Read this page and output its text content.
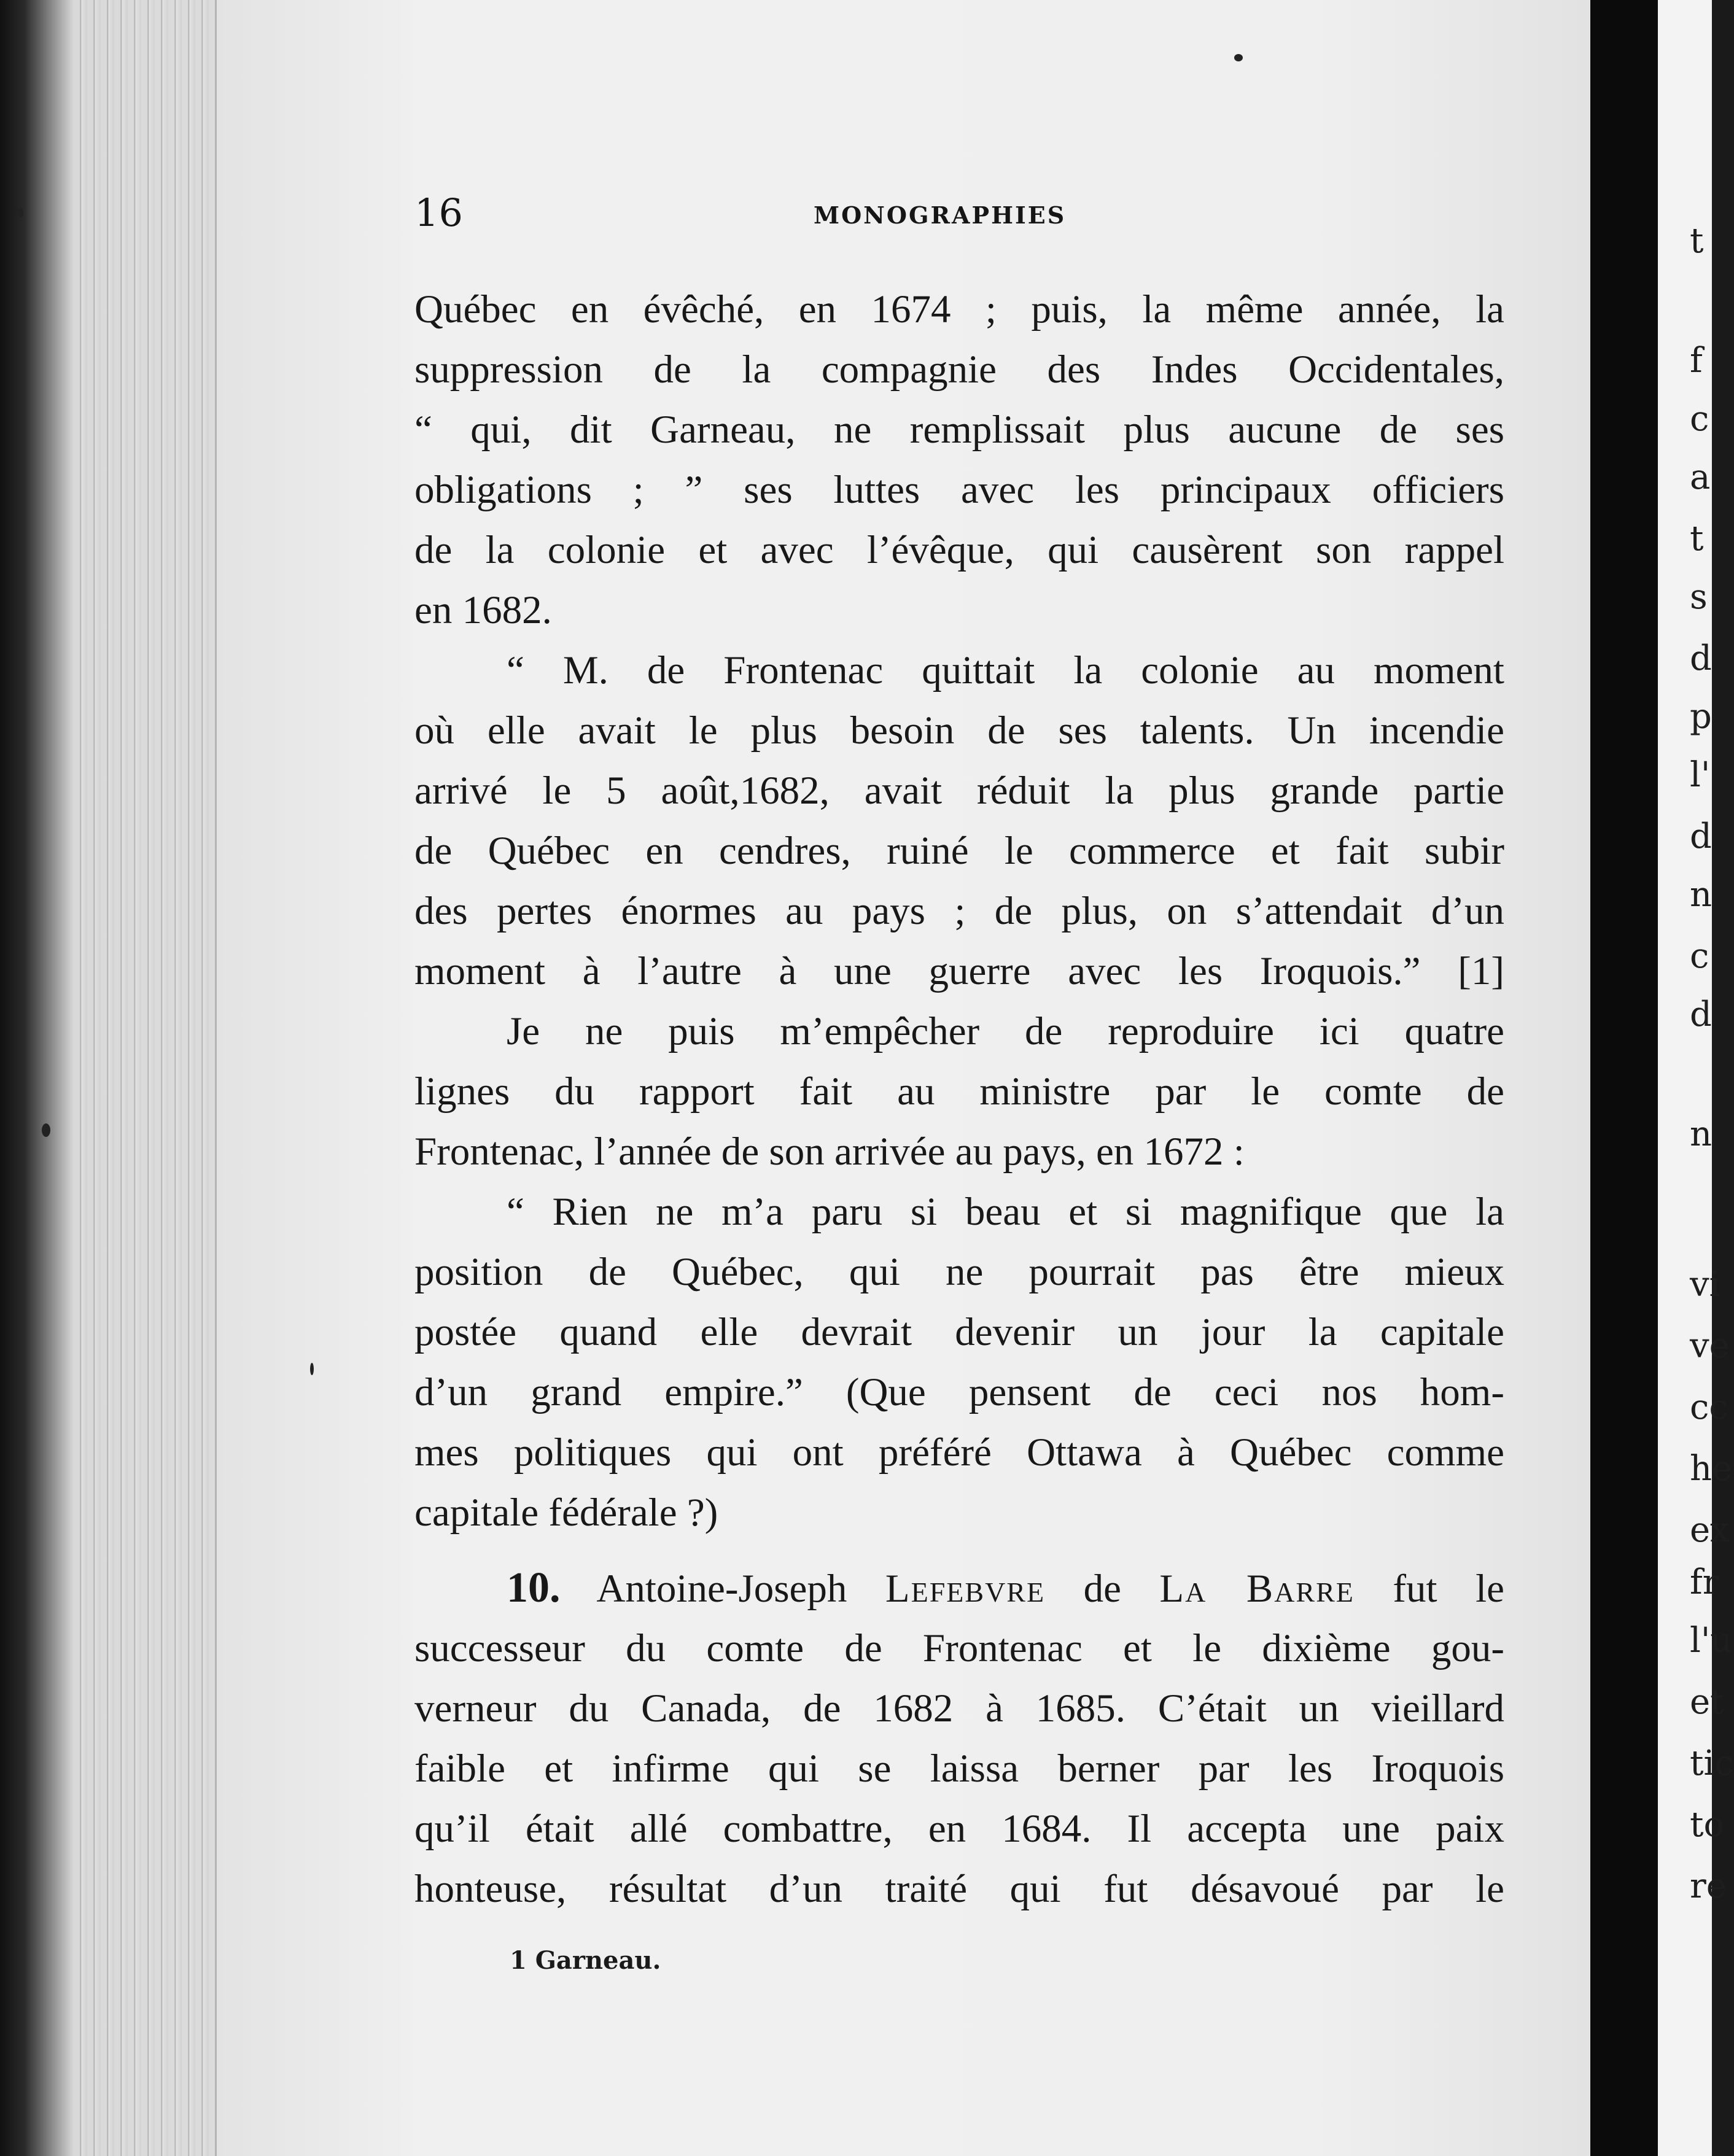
t
f
c
a
t
s
d
p
l'
d
n
c
d
n
vi
ve
cc
he
ex
fr
l'u
et
tic
to
re
16	MONOGRAPHIES
Québec en évêché, en 1674 ; puis, la même année, la
suppression de la compagnie des Indes Occidentales,
“ qui, dit Garneau, ne remplissait plus aucune de ses
obligations ; ” ses luttes avec les principaux officiers
de la colonie et avec l’évêque, qui causèrent son rappel
en 1682.
“ M. de Frontenac quittait la colonie au moment
où elle avait le plus besoin de ses talents. Un incendie
arrivé le 5 août,1682, avait réduit la plus grande partie
de Québec en cendres, ruiné le commerce et fait subir
des pertes énormes au pays ; de plus, on s’attendait d’un
moment à l’autre à une guerre avec les Iroquois.” [1]
Je ne puis m’empêcher de reproduire ici quatre
lignes du rapport fait au ministre par le comte de
Frontenac, l’année de son arrivée au pays, en 1672 :
“ Rien ne m’a paru si beau et si magnifique que la
position de Québec, qui ne pourrait pas être mieux
postée quand elle devrait devenir un jour la capitale
d’un grand empire.” (Que pensent de ceci nos hom-
mes politiques qui ont préféré Ottawa à Québec comme
capitale fédérale ?)
10. Antoine-Joseph Lefebvre de La Barre fut le
successeur du comte de Frontenac et le dixième gou-
verneur du Canada, de 1682 à 1685. C’était un vieillard
faible et infirme qui se laissa berner par les Iroquois
qu’il était allé combattre, en 1684. Il accepta une paix
honteuse, résultat d’un traité qui fut désavoué par le
1 Garneau.
